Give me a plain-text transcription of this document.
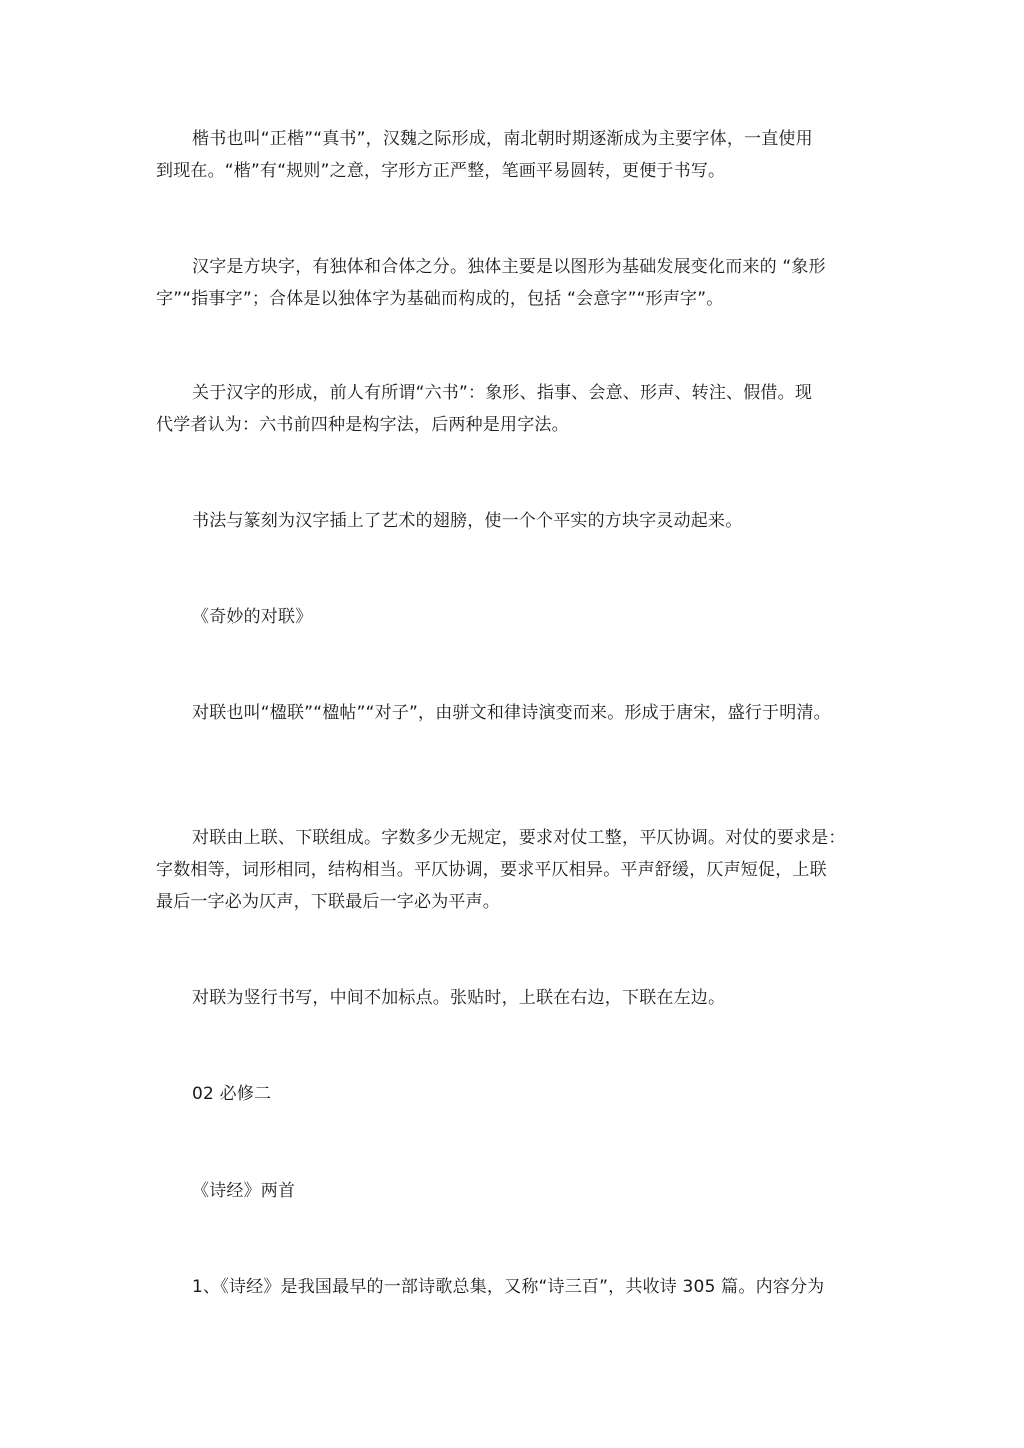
楷书也叫“正楷”“真书”，汉魏之际形成，南北朝时期逐渐成为主要字体，一直使用
到现在。“楷”有“规则”之意，字形方正严整，笔画平易圆转，更便于书写。
汉字是方块字，有独体和合体之分。独体主要是以图形为基础发展变化而来的 “象形
字”“指事字”；合体是以独体字为基础而构成的，包括 “会意字”“形声字”。
关于汉字的形成，前人有所谓“六书”：象形、指事、会意、形声、转注、假借。现
代学者认为：六书前四种是构字法，后两种是用字法。
书法与篆刻为汉字插上了艺术的翅膀，使一个个平实的方块字灵动起来。
《奇妙的对联》
对联也叫“楹联”“楹帖”“对子”，由骈文和律诗演变而来。形成于唐宋，盛行于明清。
对联由上联、下联组成。字数多少无规定，要求对仗工整，平仄协调。对仗的要求是：
字数相等，词形相同，结构相当。平仄协调，要求平仄相异。平声舒缓，仄声短促，上联
最后一字必为仄声，下联最后一字必为平声。
对联为竖行书写，中间不加标点。张贴时，上联在右边，下联在左边。
02 必修二
《诗经》两首
1、《诗经》是我国最早的一部诗歌总集，又称“诗三百”，共收诗 305 篇。内容分为
